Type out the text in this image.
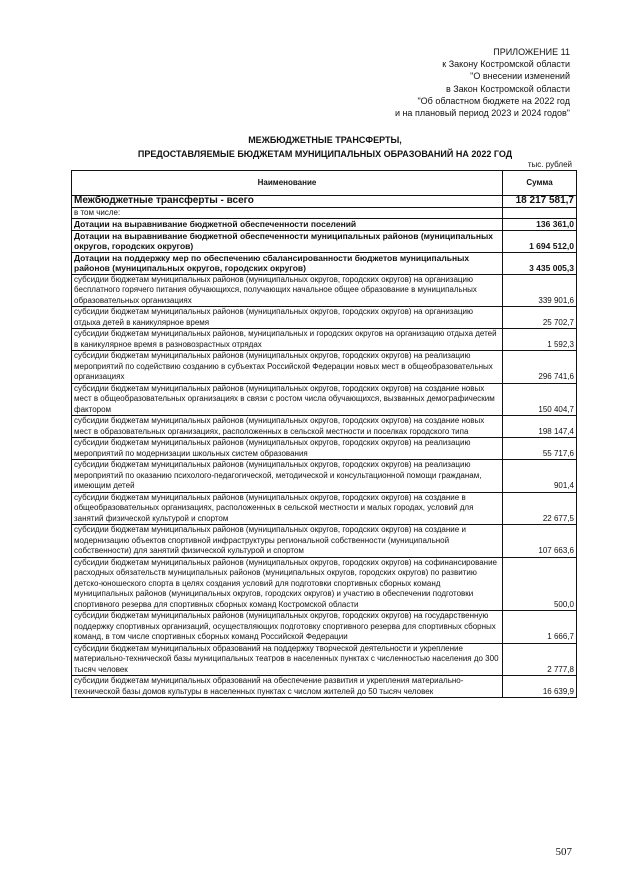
ПРИЛОЖЕНИЕ 11
к Закону Костромской области
"О внесении изменений
в Закон Костромской области
"Об областном бюджете на 2022 год
и на плановый период 2023 и 2024 годов"
МЕЖБЮДЖЕТНЫЕ ТРАНСФЕРТЫ,
ПРЕДОСТАВЛЯЕМЫЕ БЮДЖЕТАМ МУНИЦИПАЛЬНЫХ ОБРАЗОВАНИЙ НА 2022 ГОД
тыс. рублей
Наименование	Сумма
Межбюджетные трансферты - всего	18 217 581,7
в том числе:	
Дотации на выравнивание бюджетной обеспеченности поселений	136 361,0
Дотации на выравнивание бюджетной обеспеченности муниципальных районов (муниципальных округов, городских округов)	1 694 512,0
Дотации на поддержку мер по обеспечению сбалансированности бюджетов муниципальных районов (муниципальных округов, городских округов)	3 435 005,3
субсидии бюджетам муниципальных районов (муниципальных округов, городских округов) на организацию бесплатного горячего питания обучающихся, получающих начальное общее образование в муниципальных образовательных организациях	339 901,6
субсидии бюджетам муниципальных районов (муниципальных округов, городских округов) на организацию отдыха детей в каникулярное время	25 702,7
субсидии бюджетам муниципальных районов, муниципальных и городских округов на организацию отдыха детей в каникулярное время в разновозрастных отрядах	1 592,3
субсидии бюджетам муниципальных районов (муниципальных округов, городских округов) на реализацию мероприятий по содействию созданию в субъектах Российской Федерации новых мест в общеобразовательных организациях	296 741,6
субсидии бюджетам муниципальных районов (муниципальных округов, городских округов) на создание новых мест в общеобразовательных организациях в связи с ростом числа обучающихся, вызванных демографическим фактором	150 404,7
субсидии бюджетам муниципальных районов (муниципальных округов, городских округов) на создание новых мест в образовательных организациях, расположенных в сельской местности и поселках городского типа	198 147,4
субсидии бюджетам муниципальных районов (муниципальных округов, городских округов) на реализацию мероприятий по модернизации школьных систем образования	55 717,6
субсидии бюджетам муниципальных районов (муниципальных округов, городских округов) на реализацию мероприятий по оказанию психолого-педагогической, методической и консультационной помощи гражданам, имеющим детей	901,4
субсидии бюджетам муниципальных районов (муниципальных округов, городских округов) на создание в общеобразовательных организациях, расположенных в сельской местности и малых городах, условий для занятий физической культурой и спортом	22 677,5
субсидии бюджетам муниципальных районов (муниципальных округов, городских округов) на создание и модернизацию объектов спортивной инфраструктуры региональной собственности (муниципальной собственности) для занятий физической культурой и спортом	107 663,6
субсидии бюджетам муниципальных районов (муниципальных округов, городских округов) на софинансирование расходных обязательств муниципальных районов (муниципальных округов, городских округов) по развитию детско-юношеского спорта в целях создания условий для подготовки спортивных сборных команд муниципальных районов (муниципальных округов, городских округов) и участию в обеспечении подготовки спортивного резерва для спортивных сборных команд Костромской области	500,0
субсидии бюджетам муниципальных районов (муниципальных округов, городских округов) на государственную поддержку спортивных организаций, осуществляющих подготовку спортивного резерва для спортивных сборных команд, в том числе спортивных сборных команд Российской Федерации	1 666,7
субсидии бюджетам муниципальных образований на поддержку творческой деятельности и укрепление материально-технической базы муниципальных театров в населенных пунктах с численностью населения до 300 тысяч человек	2 777,8
субсидии бюджетам муниципальных образований на обеспечение развития и укрепления материально-технической базы домов культуры в населенных пунктах с числом жителей до 50 тысяч человек	16 639,9
507
